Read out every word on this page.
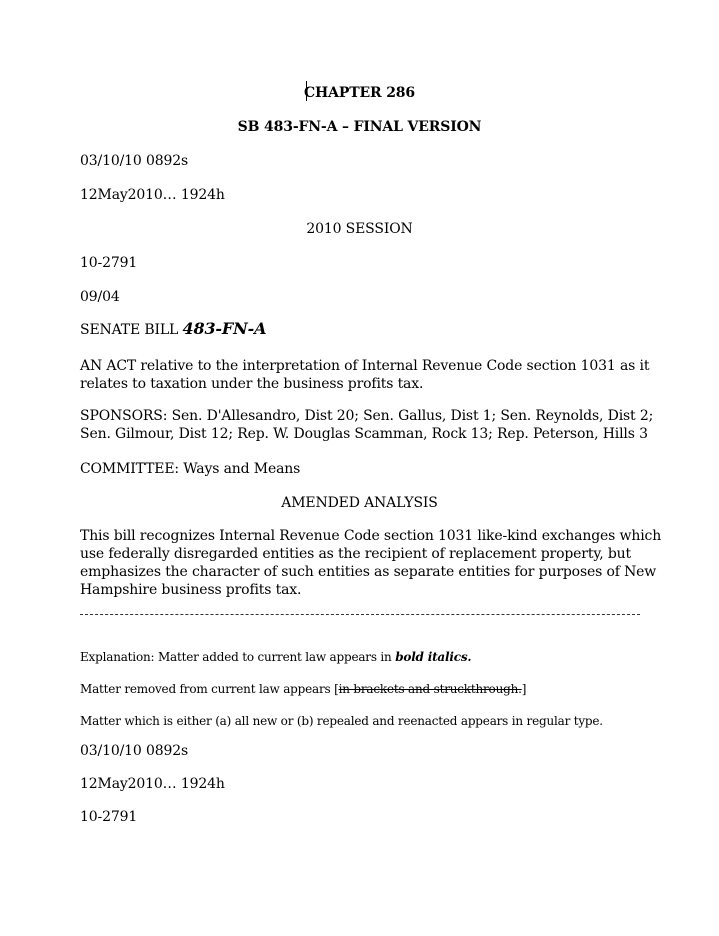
CHAPTER 286
SB 483-FN-A – FINAL VERSION
03/10/10 0892s
12May2010… 1924h
2010 SESSION
10-2791
09/04
SENATE BILL 483-FN-A
AN ACT relative to the interpretation of Internal Revenue Code section 1031 as it
relates to taxation under the business profits tax.
SPONSORS: Sen. D'Allesandro, Dist 20; Sen. Gallus, Dist 1; Sen. Reynolds, Dist 2;
Sen. Gilmour, Dist 12; Rep. W. Douglas Scamman, Rock 13; Rep. Peterson, Hills 3
COMMITTEE: Ways and Means
AMENDED ANALYSIS
This bill recognizes Internal Revenue Code section 1031 like-kind exchanges which
use federally disregarded entities as the recipient of replacement property, but
emphasizes the character of such entities as separate entities for purposes of New
Hampshire business profits tax.
Explanation: Matter added to current law appears in bold italics.
Matter removed from current law appears [in brackets and struckthrough.]
Matter which is either (a) all new or (b) repealed and reenacted appears in regular type.
03/10/10 0892s
12May2010… 1924h
10-2791
